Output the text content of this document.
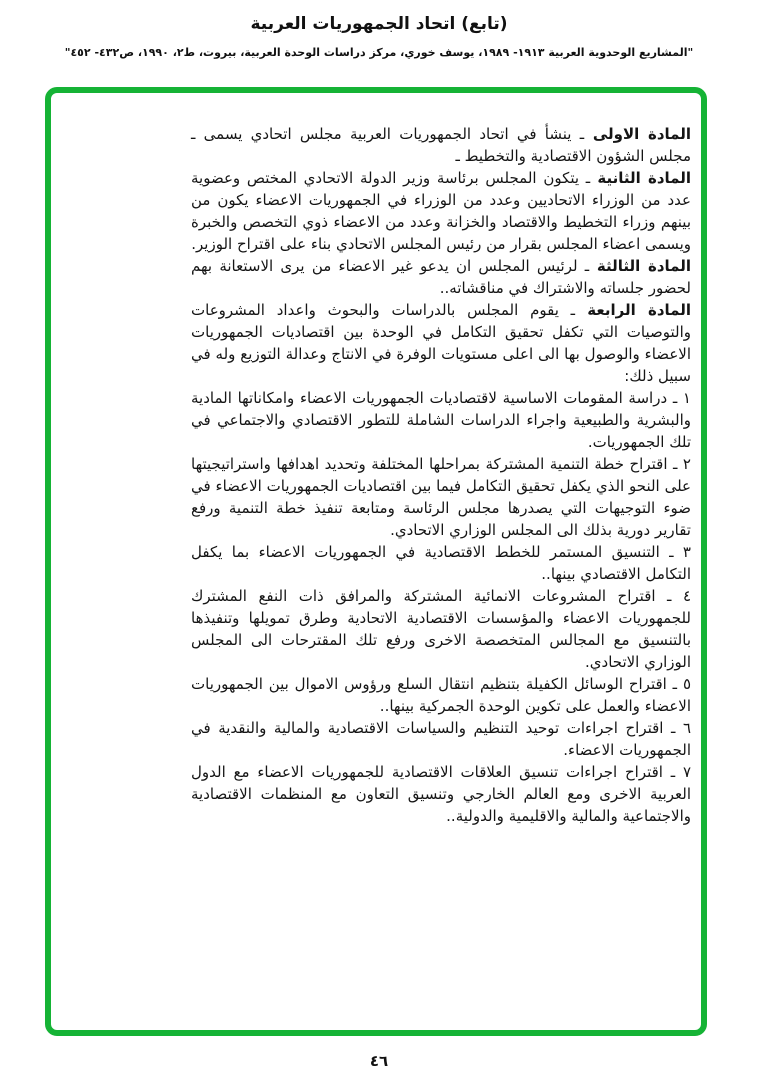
(تابع) اتحاد الجمهوريات العربية
"المشاريع الوحدوية العربية ١٩١٣- ١٩٨٩، يوسف خوري، مركز دراسات الوحدة العربية، بيروت، ط٢، ١٩٩٠، ص٤٣٢- ٤٥٢"
المادة الاولى ـ ينشأ في اتحاد الجمهوريات العربية مجلس اتحادي يسمى ـ مجلس الشؤون الاقتصادية والتخطيط ـ
المادة الثانية ـ يتكون المجلس برئاسة وزير الدولة الاتحادي المختص وعضوية عدد من الوزراء الاتحاديين وعدد من الوزراء في الجمهوريات الاعضاء يكون من بينهم وزراء التخطيط والاقتصاد والخزانة وعدد من الاعضاء ذوي التخصص والخبرة ويسمى اعضاء المجلس بقرار من رئيس المجلس الاتحادي بناء على اقتراح الوزير.
المادة الثالثة ـ لرئيس المجلس ان يدعو غير الاعضاء من يرى الاستعانة بهم لحضور جلساته والاشتراك في مناقشاته..
المادة الرابعة ـ يقوم المجلس بالدراسات والبحوث واعداد المشروعات والتوصيات التي تكفل تحقيق التكامل في الوحدة بين اقتصاديات الجمهوريات الاعضاء والوصول بها الى اعلى مستويات الوفرة في الانتاج وعدالة التوزيع وله في سبيل ذلك:
١ ـ دراسة المقومات الاساسية لاقتصاديات الجمهوريات الاعضاء وامكاناتها المادية والبشرية والطبيعية واجراء الدراسات الشاملة للتطور الاقتصادي والاجتماعي في تلك الجمهوريات.
٢ ـ اقتراح خطة التنمية المشتركة بمراحلها المختلفة وتحديد اهدافها واستراتيجيتها على النحو الذي يكفل تحقيق التكامل فيما بين اقتصاديات الجمهوريات الاعضاء في ضوء التوجيهات التي يصدرها مجلس الرئاسة ومتابعة تنفيذ خطة التنمية ورفع تقارير دورية بذلك الى المجلس الوزاري الاتحادي.
٣ ـ التنسيق المستمر للخطط الاقتصادية في الجمهوريات الاعضاء بما يكفل التكامل الاقتصادي بينها..
٤ ـ اقتراح المشروعات الانمائية المشتركة والمرافق ذات النفع المشترك للجمهوريات الاعضاء والمؤسسات الاقتصادية الاتحادية وطرق تمويلها وتنفيذها بالتنسيق مع المجالس المتخصصة الاخرى ورفع تلك المقترحات الى المجلس الوزاري الاتحادي.
٥ ـ اقتراح الوسائل الكفيلة بتنظيم انتقال السلع ورؤوس الاموال بين الجمهوريات الاعضاء والعمل على تكوين الوحدة الجمركية بينها..
٦ ـ اقتراح اجراءات توحيد التنظيم والسياسات الاقتصادية والمالية والنقدية في الجمهوريات الاعضاء.
٧ ـ اقتراح اجراءات تنسيق العلاقات الاقتصادية للجمهوريات الاعضاء مع الدول العربية الاخرى ومع العالم الخارجي وتنسيق التعاون مع المنظمات الاقتصادية والاجتماعية والمالية والاقليمية والدولية..
٤٦
